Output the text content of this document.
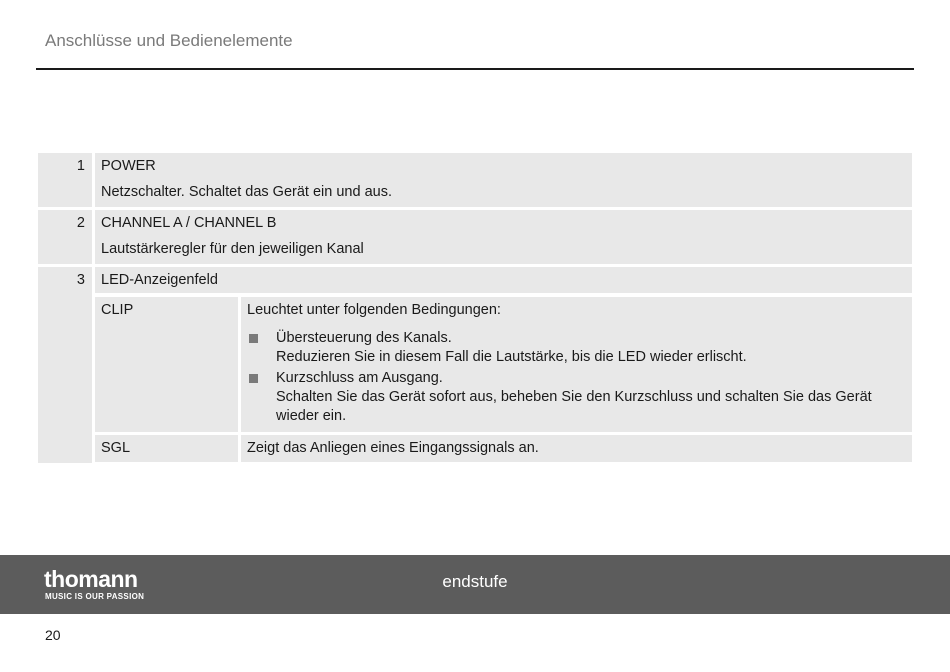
Anschlüsse und Bedienelemente
1	POWER
Netzschalter. Schaltet das Gerät ein und aus.
2	CHANNEL A / CHANNEL B
Lautstärkeregler für den jeweiligen Kanal
3	LED-Anzeigenfeld
CLIP	Leuchtet unter folgenden Bedingungen:
Übersteuerung des Kanals.
Reduzieren Sie in diesem Fall die Lautstärke, bis die LED wieder erlischt.
Kurzschluss am Ausgang.
Schalten Sie das Gerät sofort aus, beheben Sie den Kurzschluss und schalten Sie das Gerät wieder ein.
SGL	Zeigt das Anliegen eines Eingangssignals an.
thomann
MUSIC IS OUR PASSION
endstufe
20
